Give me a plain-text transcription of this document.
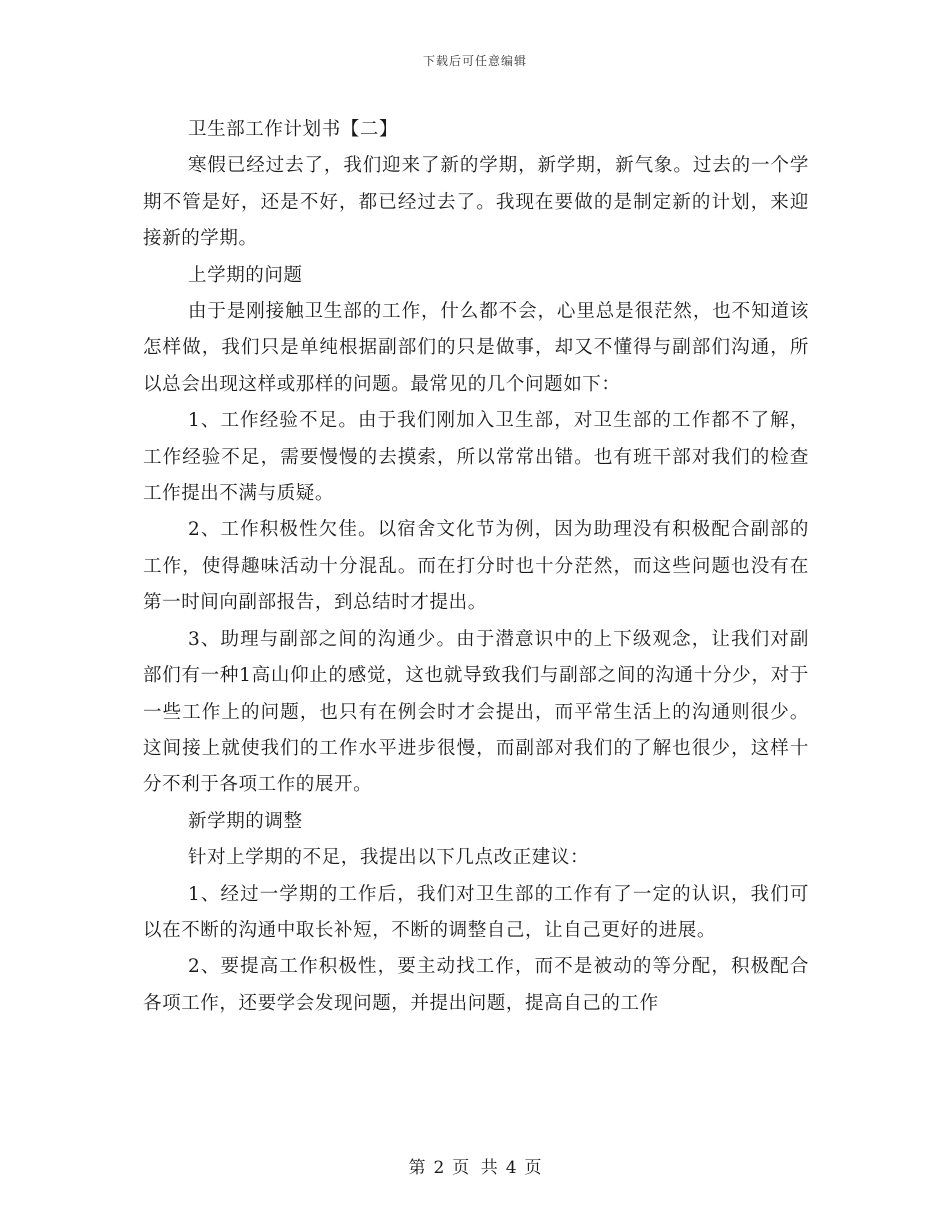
下载后可任意编辑

卫生部工作计划书【二】

寒假已经过去了，我们迎来了新的学期，新学期，新气象。过去的一个学期不管是好，还是不好，都已经过去了。我现在要做的是制定新的计划，来迎接新的学期。

上学期的问题

由于是刚接触卫生部的工作，什么都不会，心里总是很茫然，也不知道该怎样做，我们只是单纯根据副部们的只是做事，却又不懂得与副部们沟通，所以总会出现这样或那样的问题。最常见的几个问题如下：

1、工作经验不足。由于我们刚加入卫生部，对卫生部的工作都不了解，工作经验不足，需要慢慢的去摸索，所以常常出错。也有班干部对我们的检查工作提出不满与质疑。

2、工作积极性欠佳。以宿舍文化节为例，因为助理没有积极配合副部的工作，使得趣味活动十分混乱。而在打分时也十分茫然，而这些问题也没有在第一时间向副部报告，到总结时才提出。

3、助理与副部之间的沟通少。由于潜意识中的上下级观念，让我们对副部们有一种1高山仰止的感觉，这也就导致我们与副部之间的沟通十分少，对于一些工作上的问题，也只有在例会时才会提出，而平常生活上的沟通则很少。这间接上就使我们的工作水平进步很慢，而副部对我们的了解也很少，这样十分不利于各项工作的展开。

新学期的调整

针对上学期的不足，我提出以下几点改正建议：

1、经过一学期的工作后，我们对卫生部的工作有了一定的认识，我们可以在不断的沟通中取长补短，不断的调整自己，让自己更好的进展。

2、要提高工作积极性，要主动找工作，而不是被动的等分配，积极配合各项工作，还要学会发现问题，并提出问题，提高自己的工作

第 2 页 共 4 页
